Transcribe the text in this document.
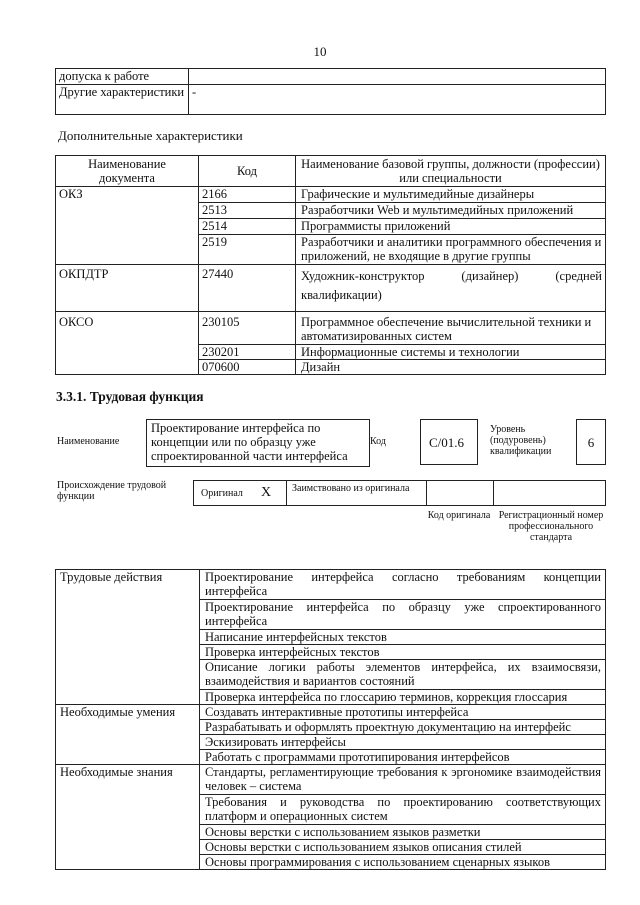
10
допуска к работе	
Другие характеристики	-
Дополнительные характеристики
Наименование документа	Код	Наименование базовой группы, должности (профессии) или специальности
ОКЗ	2166	Графические и мультимедийные дизайнеры
	2513	Разработчики Web и мультимедийных приложений
	2514	Программисты приложений
	2519	Разработчики и аналитики программного обеспечения и приложений, не входящие в другие группы
ОКПДТР	27440	Художник-конструктор (дизайнер) (средней квалификации)
ОКСО	230105	Программное обеспечение вычислительной техники и автоматизированных систем
	230201	Информационные системы и технологии
	070600	Дизайн
3.3.1. Трудовая функция
Наименование
Проектирование интерфейса по концепции или по образцу уже спроектированной части интерфейса
Код	C/01.6
Уровень (подуровень) квалификации
6
Происхождение трудовой функции	Оригинал X Заимствовано из оригинала
Код оригинала Регистрационный номер профессионального стандарта
Трудовые действия	Проектирование интерфейса согласно требованиям концепции интерфейса
	Проектирование интерфейса по образцу уже спроектированного интерфейса
	Написание интерфейсных текстов
	Проверка интерфейсных текстов
	Описание логики работы элементов интерфейса, их взаимосвязи, взаимодействия и вариантов состояний
	Проверка интерфейса по глоссарию терминов, коррекция глоссария
Необходимые умения	Создавать интерактивные прототипы интерфейса
	Разрабатывать и оформлять проектную документацию на интерфейс
	Эскизировать интерфейсы
	Работать с программами прототипирования интерфейсов
Необходимые знания	Стандарты, регламентирующие требования к эргономике взаимодействия человек – система
	Требования и руководства по проектированию соответствующих платформ и операционных систем
	Основы верстки с использованием языков разметки
	Основы верстки с использованием языков описания стилей
	Основы программирования с использованием сценарных языков
